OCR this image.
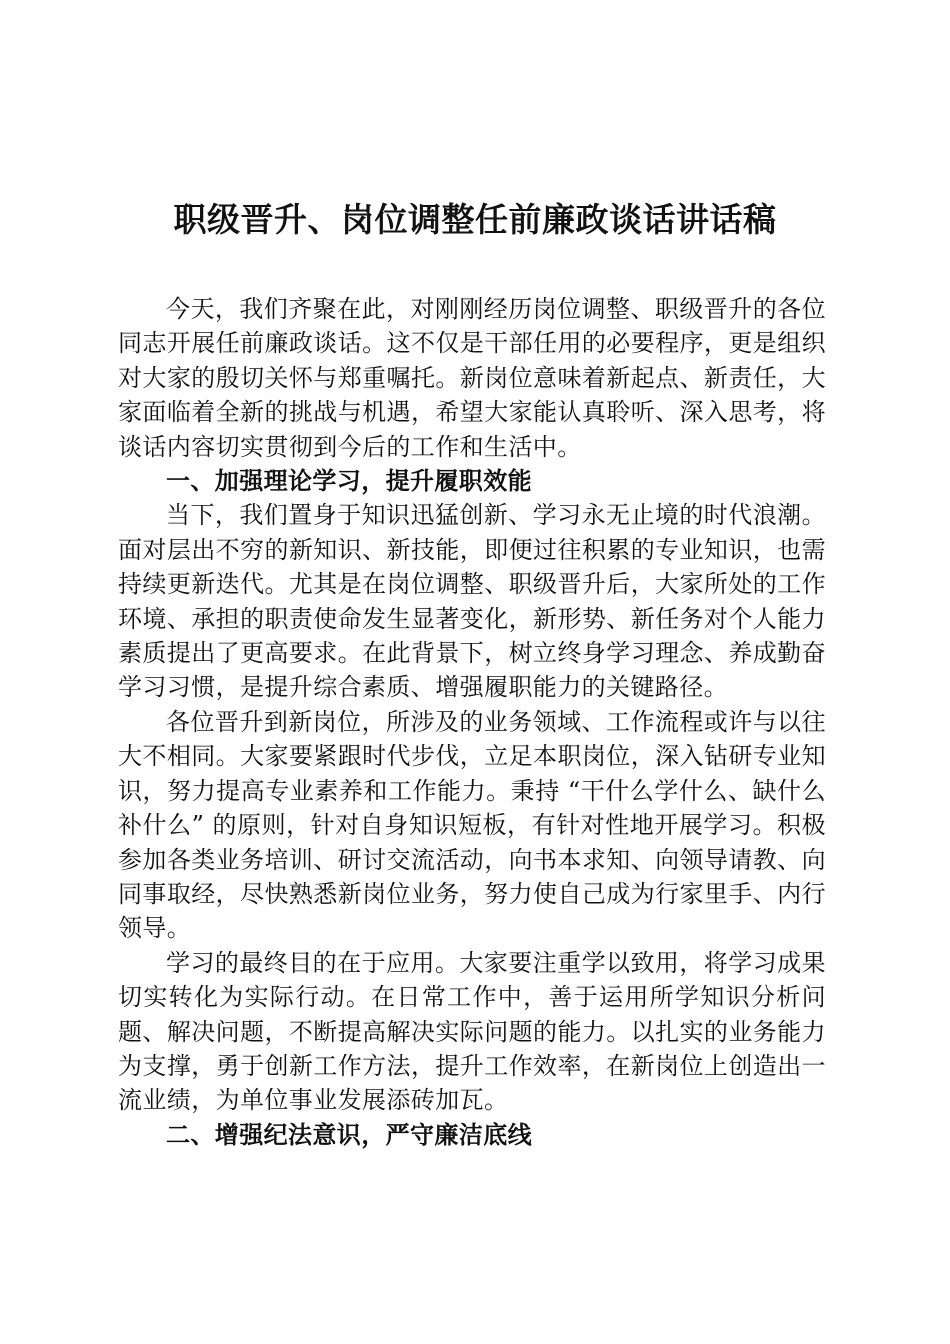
职级晋升、岗位调整任前廉政谈话讲话稿

今天，我们齐聚在此，对刚刚经历岗位调整、职级晋升的各位同志开展任前廉政谈话。这不仅是干部任用的必要程序，更是组织对大家的殷切关怀与郑重嘱托。新岗位意味着新起点、新责任，大家面临着全新的挑战与机遇，希望大家能认真聆听、深入思考，将谈话内容切实贯彻到今后的工作和生活中。

一、加强理论学习，提升履职效能

当下，我们置身于知识迅猛创新、学习永无止境的时代浪潮。面对层出不穷的新知识、新技能，即便过往积累的专业知识，也需持续更新迭代。尤其是在岗位调整、职级晋升后，大家所处的工作环境、承担的职责使命发生显著变化，新形势、新任务对个人能力素质提出了更高要求。在此背景下，树立终身学习理念、养成勤奋学习习惯，是提升综合素质、增强履职能力的关键路径。

各位晋升到新岗位，所涉及的业务领域、工作流程或许与以往大不相同。大家要紧跟时代步伐，立足本职岗位，深入钻研专业知识，努力提高专业素养和工作能力。秉持 “干什么学什么、缺什么补什么” 的原则，针对自身知识短板，有针对性地开展学习。积极参加各类业务培训、研讨交流活动，向书本求知、向领导请教、向同事取经，尽快熟悉新岗位业务，努力使自己成为行家里手、内行领导。

学习的最终目的在于应用。大家要注重学以致用，将学习成果切实转化为实际行动。在日常工作中，善于运用所学知识分析问题、解决问题，不断提高解决实际问题的能力。以扎实的业务能力为支撑，勇于创新工作方法，提升工作效率，在新岗位上创造出一流业绩，为单位事业发展添砖加瓦。

二、增强纪法意识，严守廉洁底线
